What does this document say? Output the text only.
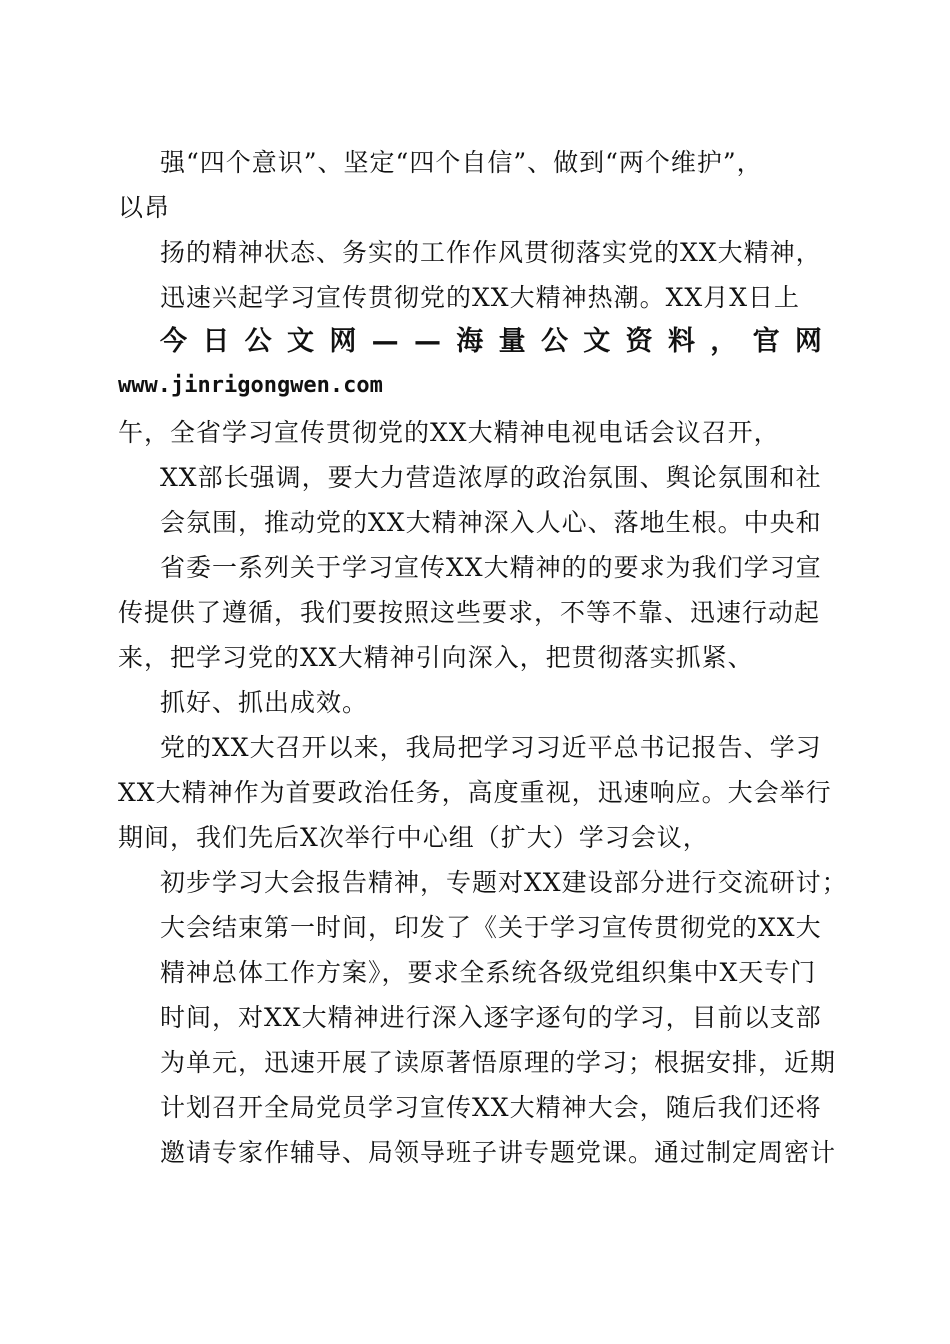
强“四个意识”、坚定“四个自信”、做到“两个维护”，
以昂
扬的精神状态、务实的工作作风贯彻落实党的XX大精神，
迅速兴起学习宣传贯彻党的XX大精神热潮。XX月X日上
今 日 公 文 网 — — 海 量 公 文 资 料 ， 官 网
www.jinrigongwen.com
午，全省学习宣传贯彻党的XX大精神电视电话会议召开，
XX部长强调，要大力营造浓厚的政治氛围、舆论氛围和社
会氛围，推动党的XX大精神深入人心、落地生根。中央和
省委一系列关于学习宣传XX大精神的的要求为我们学习宣
传提供了遵循，我们要按照这些要求，不等不靠、迅速行动起
来，把学习党的XX大精神引向深入，把贯彻落实抓紧、
抓好、抓出成效。
党的XX大召开以来，我局把学习习近平总书记报告、学习
XX大精神作为首要政治任务，高度重视，迅速响应。大会举行
期间，我们先后X次举行中心组（扩大）学习会议，
初步学习大会报告精神，专题对XX建设部分进行交流研讨；
大会结束第一时间，印发了《关于学习宣传贯彻党的XX大
精神总体工作方案》，要求全系统各级党组织集中X天专门
时间，对XX大精神进行深入逐字逐句的学习，目前以支部
为单元，迅速开展了读原著悟原理的学习；根据安排，近期
计划召开全局党员学习宣传XX大精神大会，随后我们还将
邀请专家作辅导、局领导班子讲专题党课。通过制定周密计
